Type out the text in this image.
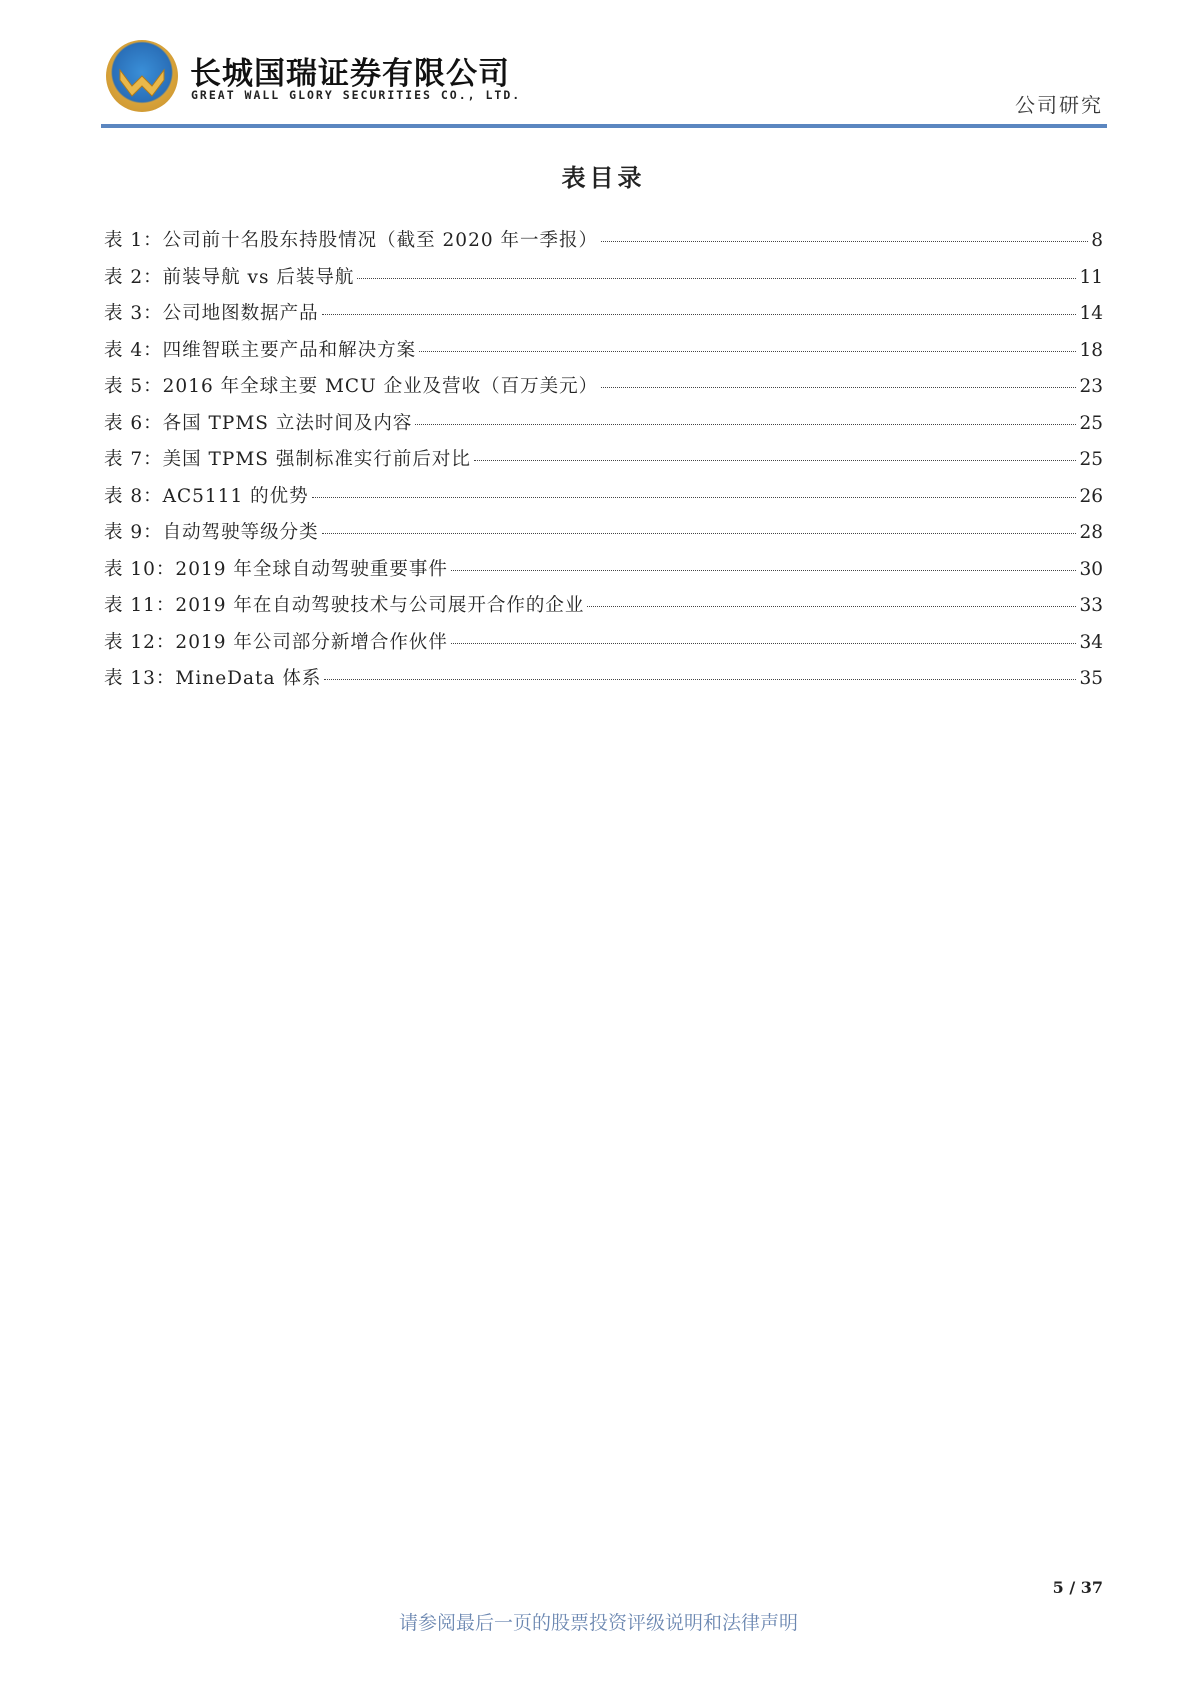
长城国瑞证券有限公司
GREAT WALL GLORY SECURITIES CO., LTD.	公司研究
表目录
表 1：公司前十名股东持股情况（截至 2020 年一季报）	8
表 2：前装导航 vs 后装导航	11
表 3：公司地图数据产品	14
表 4：四维智联主要产品和解决方案	18
表 5：2016 年全球主要 MCU 企业及营收（百万美元）	23
表 6：各国 TPMS 立法时间及内容	25
表 7：美国 TPMS 强制标准实行前后对比	25
表 8：AC5111 的优势	26
表 9：自动驾驶等级分类	28
表 10：2019 年全球自动驾驶重要事件	30
表 11：2019 年在自动驾驶技术与公司展开合作的企业	33
表 12：2019 年公司部分新增合作伙伴	34
表 13：MineData 体系	35
5 / 37
请参阅最后一页的股票投资评级说明和法律声明
